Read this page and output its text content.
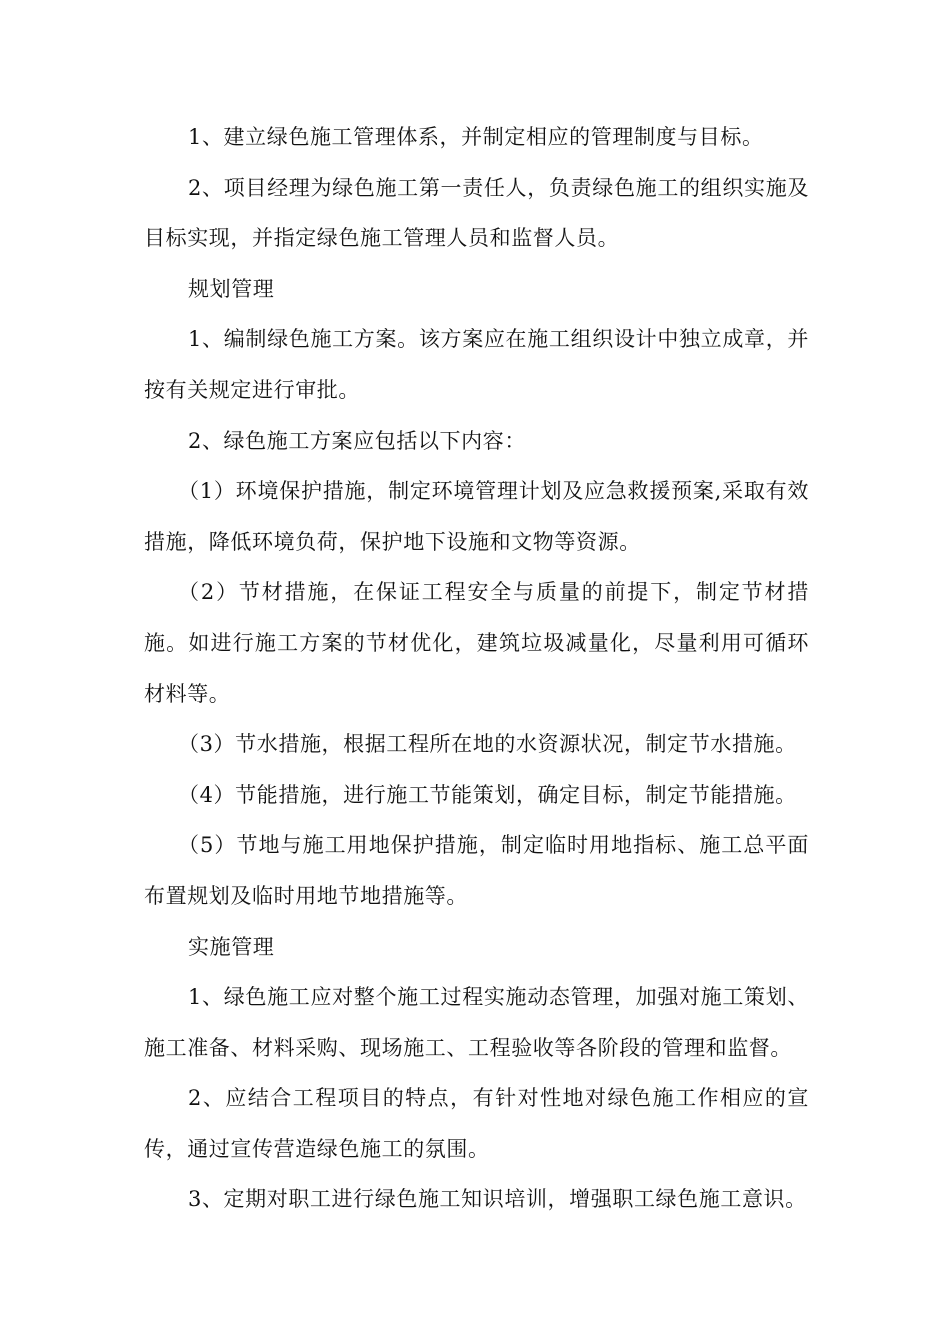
1、建立绿色施工管理体系，并制定相应的管理制度与目标。

2、项目经理为绿色施工第一责任人，负责绿色施工的组织实施及目标实现，并指定绿色施工管理人员和监督人员。

规划管理

1、编制绿色施工方案。该方案应在施工组织设计中独立成章，并按有关规定进行审批。

2、绿色施工方案应包括以下内容：

（1）环境保护措施，制定环境管理计划及应急救援预案,采取有效措施，降低环境负荷，保护地下设施和文物等资源。

（2）节材措施，在保证工程安全与质量的前提下，制定节材措施。如进行施工方案的节材优化，建筑垃圾减量化，尽量利用可循环材料等。

（3）节水措施，根据工程所在地的水资源状况，制定节水措施。

（4）节能措施，进行施工节能策划，确定目标，制定节能措施。

（5）节地与施工用地保护措施，制定临时用地指标、施工总平面布置规划及临时用地节地措施等。

实施管理

1、绿色施工应对整个施工过程实施动态管理，加强对施工策划、施工准备、材料采购、现场施工、工程验收等各阶段的管理和监督。

2、应结合工程项目的特点，有针对性地对绿色施工作相应的宣传，通过宣传营造绿色施工的氛围。

3、定期对职工进行绿色施工知识培训，增强职工绿色施工意识。
